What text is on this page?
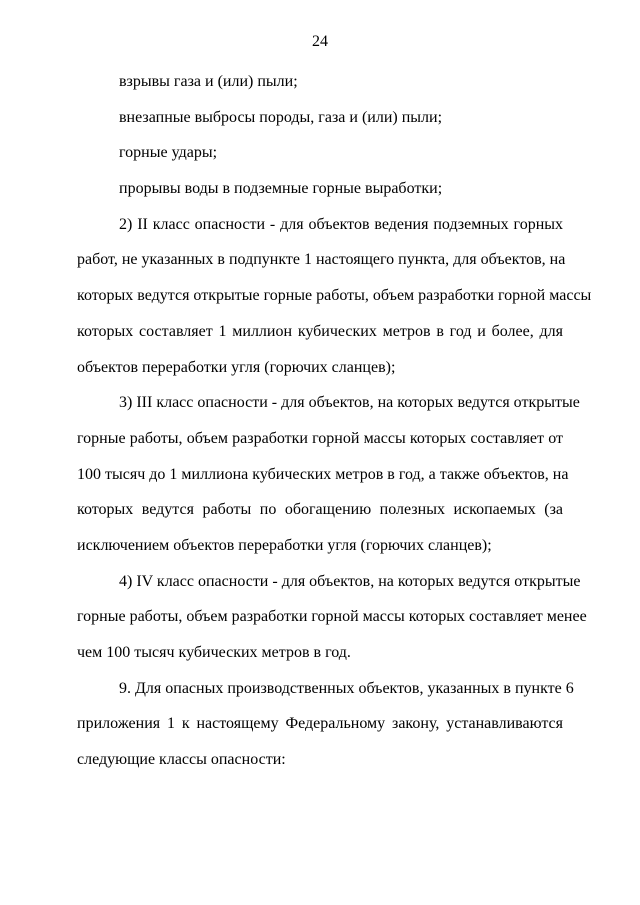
24
взрывы газа и (или) пыли;
внезапные выбросы породы, газа и (или) пыли;
горные удары;
прорывы воды в подземные горные выработки;
2) II класс опасности - для объектов ведения подземных горных
работ, не указанных в подпункте 1 настоящего пункта, для объектов, на
которых ведутся открытые горные работы, объем разработки горной массы
которых составляет 1 миллион кубических метров в год и более, для
объектов переработки угля (горючих сланцев);
3) III класс опасности - для объектов, на которых ведутся открытые
горные работы, объем разработки горной массы которых составляет от
100 тысяч до 1 миллиона кубических метров в год, а также объектов, на
которых ведутся работы по обогащению полезных ископаемых (за
исключением объектов переработки угля (горючих сланцев);
4) IV класс опасности - для объектов, на которых ведутся открытые
горные работы, объем разработки горной массы которых составляет менее
чем 100 тысяч кубических метров в год.
9. Для опасных производственных объектов, указанных в пункте 6
приложения 1 к настоящему Федеральному закону, устанавливаются
следующие классы опасности:
